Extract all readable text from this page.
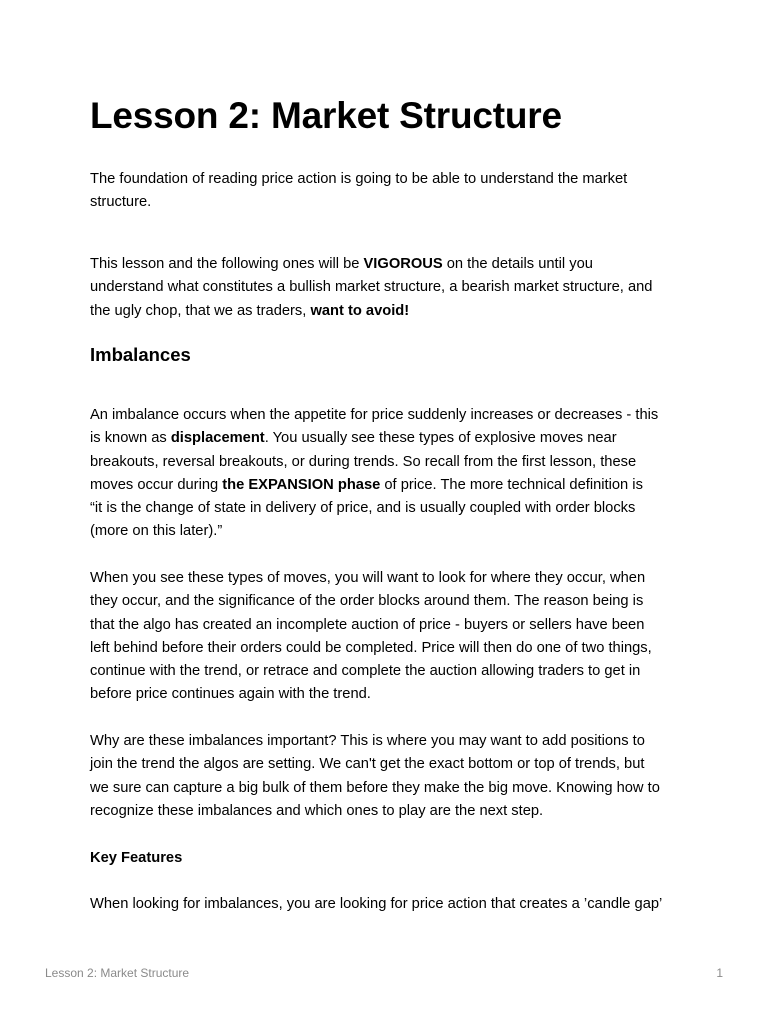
Lesson 2: Market Structure

The foundation of reading price action is going to be able to understand the market
structure.

This lesson and the following ones will be VIGOROUS on the details until you
understand what constitutes a bullish market structure, a bearish market structure, and
the ugly chop, that we as traders, want to avoid!

Imbalances

An imbalance occurs when the appetite for price suddenly increases or decreases - this
is known as displacement. You usually see these types of explosive moves near
breakouts, reversal breakouts, or during trends. So recall from the first lesson, these
moves occur during the EXPANSION phase of price. The more technical definition is
“it is the change of state in delivery of price, and is usually coupled with order blocks
(more on this later).”

When you see these types of moves, you will want to look for where they occur, when
they occur, and the significance of the order blocks around them. The reason being is
that the algo has created an incomplete auction of price - buyers or sellers have been
left behind before their orders could be completed. Price will then do one of two things,
continue with the trend, or retrace and complete the auction allowing traders to get in
before price continues again with the trend.

Why are these imbalances important? This is where you may want to add positions to
join the trend the algos are setting. We can't get the exact bottom or top of trends, but
we sure can capture a big bulk of them before they make the big move. Knowing how to
recognize these imbalances and which ones to play are the next step.

Key Features

When looking for imbalances, you are looking for price action that creates a ’candle gap’

Lesson 2: Market Structure	1
